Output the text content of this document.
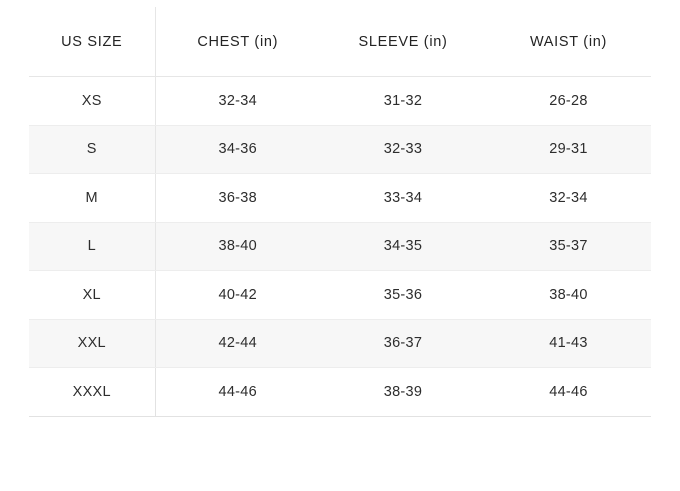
US SIZE	CHEST (in)	SLEEVE (in)	WAIST (in)
XS	32-34	31-32	26-28
S	34-36	32-33	29-31
M	36-38	33-34	32-34
L	38-40	34-35	35-37
XL	40-42	35-36	38-40
XXL	42-44	36-37	41-43
XXXL	44-46	38-39	44-46
